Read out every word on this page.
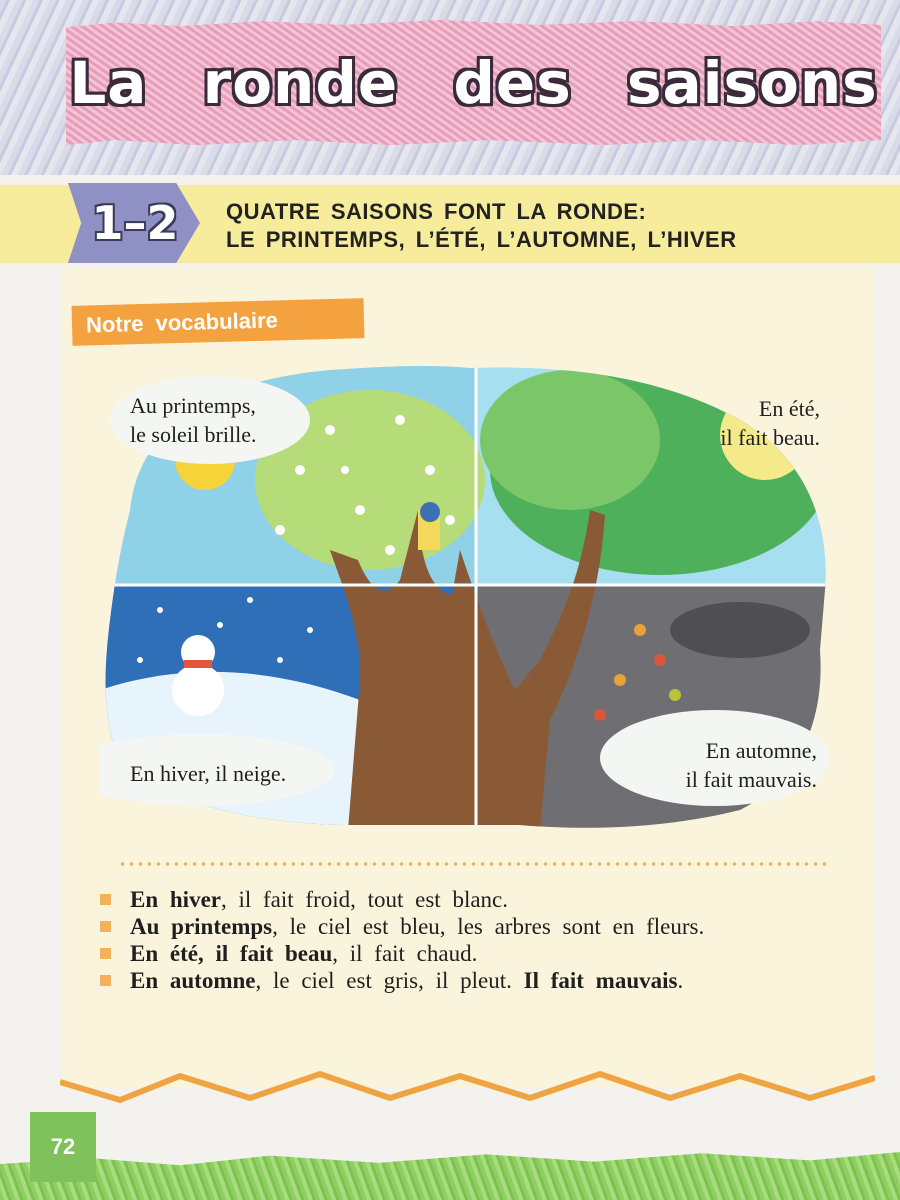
La ronde des saisons
1–2	QUATRE SAISONS FONT LA RONDE:
LE PRINTEMPS, L’ÉTÉ, L’AUTOMNE, L’HIVER
Notre vocabulaire
Au printemps,
le soleil brille.
En été,
il fait beau.
En hiver, il neige.
En automne,
il fait mauvais.
En hiver, il fait froid, tout est blanc.
Au printemps, le ciel est bleu, les arbres sont en fleurs.
En été, il fait beau, il fait chaud.
En automne, le ciel est gris, il pleut. Il fait mauvais.
72
